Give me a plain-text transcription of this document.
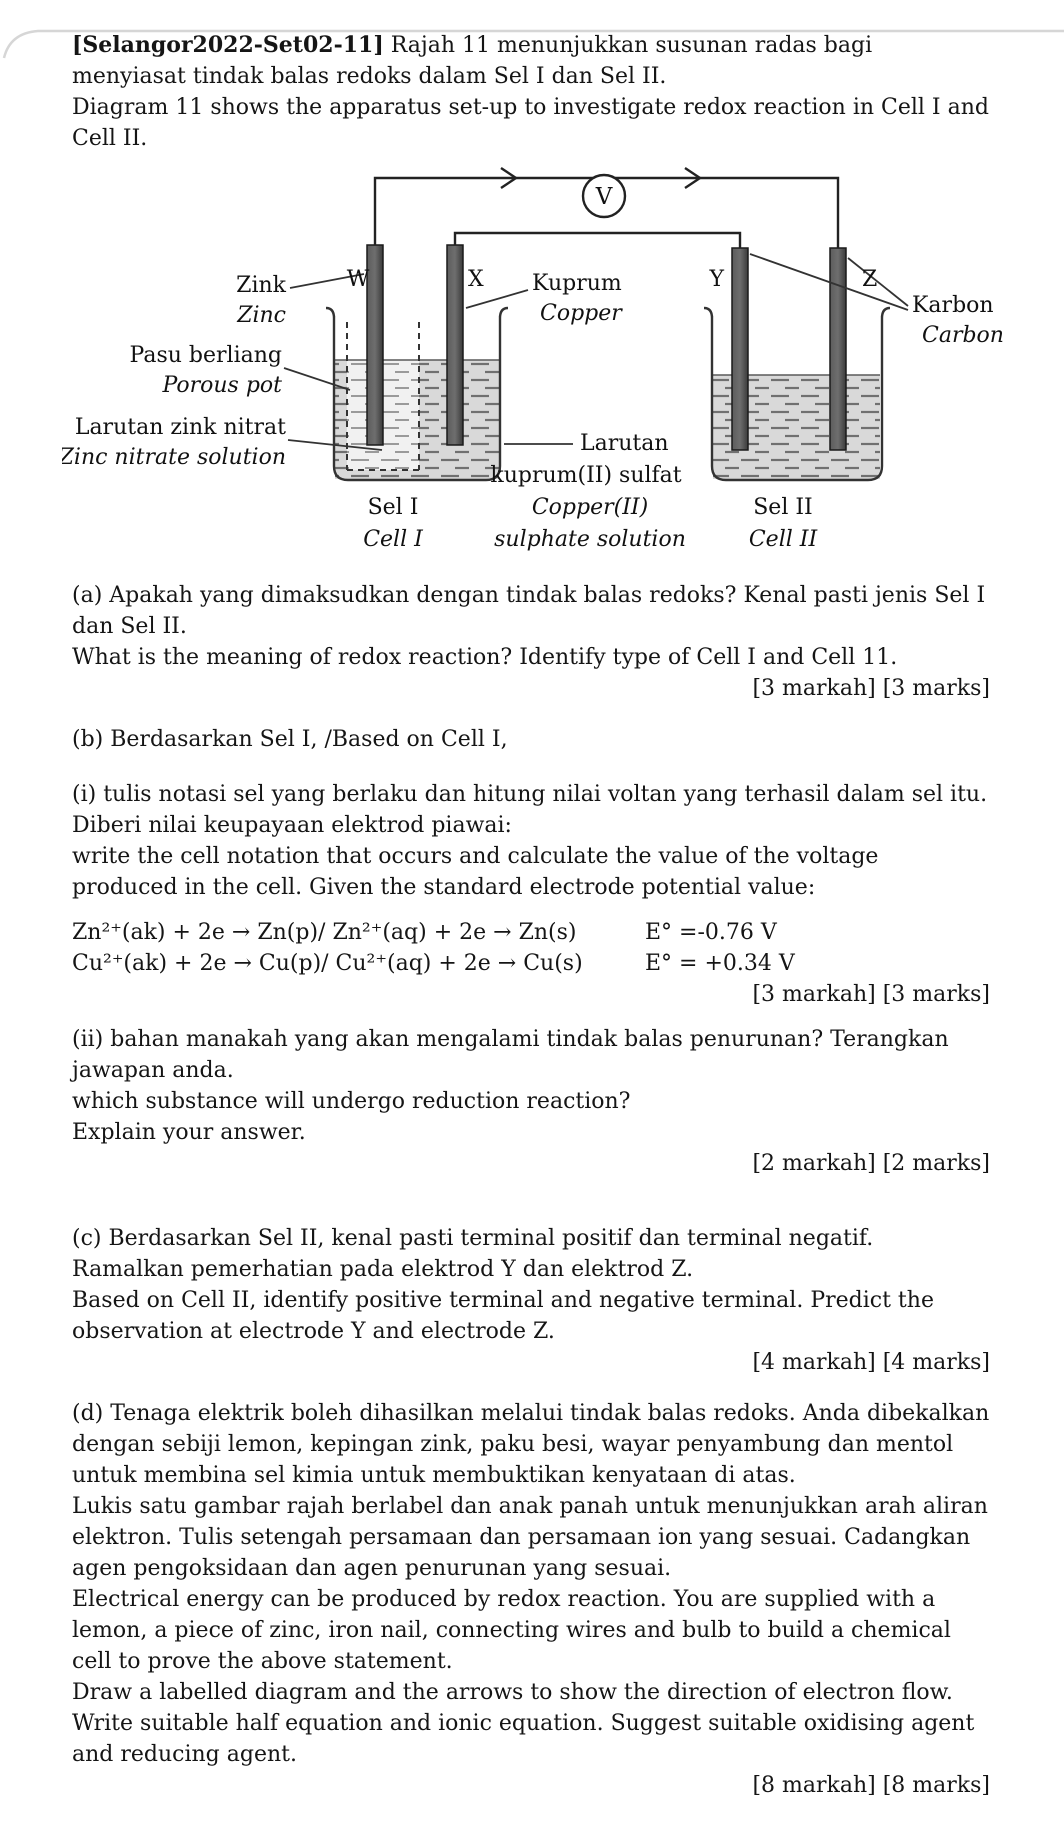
[Selangor2022-Set02-11] Rajah 11 menunjukkan susunan radas bagi menyiasat tindak balas redoks dalam Sel I dan Sel II.

Diagram 11 shows the apparatus set-up to investigate redox reaction in Cell I and Cell II.

V
Zink
Zinc
W	X Kuprum
Copper
Y	Z
Karbon
Carbon
Pasu berliang
Porous pot
Larutan zink nitrat
Zinc nitrate solution
Larutan
kuprum(II) sulfat
Sel I
Cell I
Copper(II)
sulphate solution
Sel II
Cell II

(a) Apakah yang dimaksudkan dengan tindak balas redoks? Kenal pasti jenis Sel I dan Sel II.

What is the meaning of redox reaction? Identify type of Cell I and Cell 11.

[3 markah] [3 marks]

(b) Berdasarkan Sel I, /Based on Cell I,

(i) tulis notasi sel yang berlaku dan hitung nilai voltan yang terhasil dalam sel itu. Diberi nilai keupayaan elektrod piawai:

write the cell notation that occurs and calculate the value of the voltage produced in the cell. Given the standard electrode potential value:

Zn²⁺(ak) + 2e → Zn(p)/ Zn²⁺(aq) + 2e → Zn(s)	E° =-0.76 V
Cu²⁺(ak) + 2e → Cu(p)/ Cu²⁺(aq) + 2e → Cu(s)	E° = +0.34 V

[3 markah] [3 marks]

(ii) bahan manakah yang akan mengalami tindak balas penurunan? Terangkan jawapan anda.

which substance will undergo reduction reaction?

Explain your answer.

[2 markah] [2 marks]

(c) Berdasarkan Sel II, kenal pasti terminal positif dan terminal negatif. Ramalkan pemerhatian pada elektrod Y dan elektrod Z.

Based on Cell II, identify positive terminal and negative terminal. Predict the observation at electrode Y and electrode Z.

[4 markah] [4 marks]

(d) Tenaga elektrik boleh dihasilkan melalui tindak balas redoks. Anda dibekalkan dengan sebiji lemon, kepingan zink, paku besi, wayar penyambung dan mentol untuk membina sel kimia untuk membuktikan kenyataan di atas.

Lukis satu gambar rajah berlabel dan anak panah untuk menunjukkan arah aliran elektron. Tulis setengah persamaan dan persamaan ion yang sesuai. Cadangkan agen pengoksidaan dan agen penurunan yang sesuai.

Electrical energy can be produced by redox reaction. You are supplied with a lemon, a piece of zinc, iron nail, connecting wires and bulb to build a chemical cell to prove the above statement.

Draw a labelled diagram and the arrows to show the direction of electron flow. Write suitable half equation and ionic equation. Suggest suitable oxidising agent and reducing agent.

[8 markah] [8 marks]
